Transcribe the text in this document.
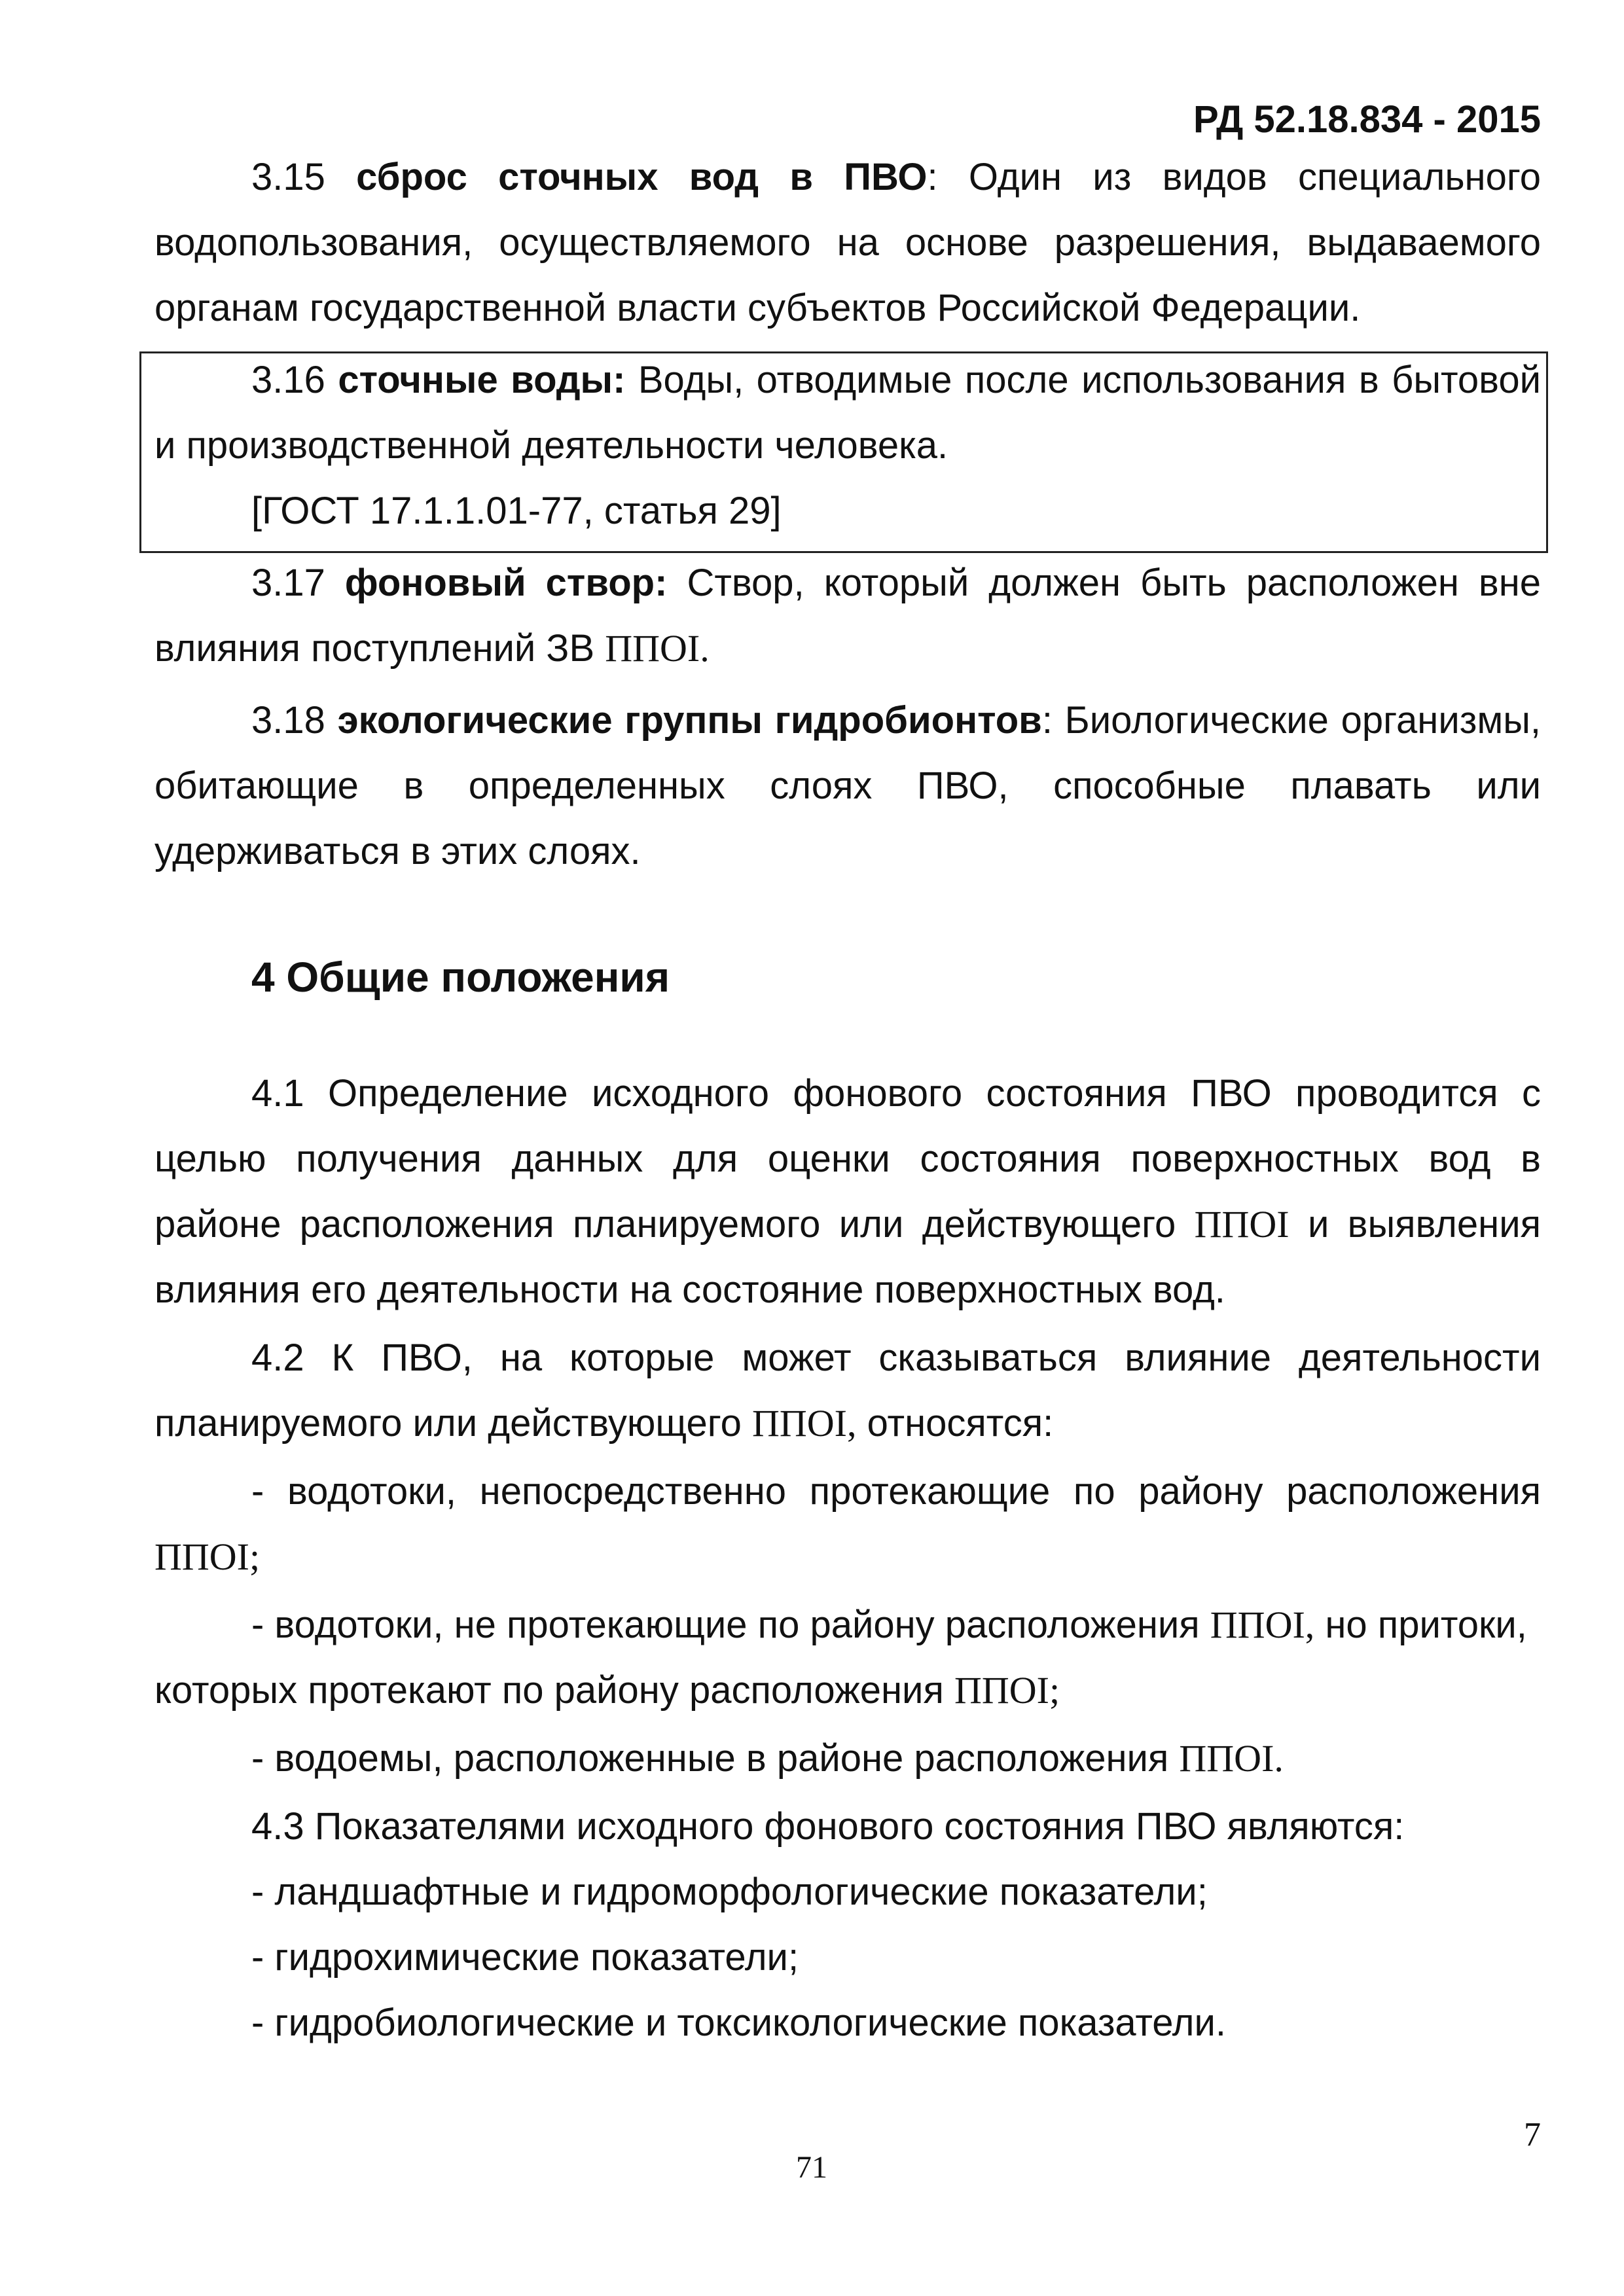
РД 52.18.834 - 2015
3.15 сброс сточных вод в ПВО: Один из видов специального
водопользования, осуществляемого на основе разрешения, выдаваемого
органам государственной власти субъектов Российской Федерации.
3.16 сточные воды: Воды, отводимые после использования в бытовой
и производственной деятельности человека.
[ГОСТ 17.1.1.01-77, статья 29]
3.17 фоновый створ: Створ, который должен быть расположен вне
влияния поступлений ЗВ ППОI.
3.18 экологические группы гидробионтов: Биологические организмы,
обитающие в определенных слоях ПВО, способные плавать или
удерживаться в этих слоях.
4 Общие положения
4.1 Определение исходного фонового состояния ПВО проводится с
целью получения данных для оценки состояния поверхностных вод в
районе расположения планируемого или действующего ППОI и выявления
влияния его деятельности на состояние поверхностных вод.
4.2 К ПВО, на которые может сказываться влияние деятельности
планируемого или действующего ППОI, относятся:
- водотоки, непосредственно протекающие по району расположения
ППОI;
- водотоки, не протекающие по району расположения ППОI, но притоки,
которых протекают по району расположения ППОI;
- водоемы, расположенные в районе расположения ППОI.
4.3 Показателями исходного фонового состояния ПВО являются:
- ландшафтные и гидроморфологические показатели;
- гидрохимические показатели;
- гидробиологические и токсикологические показатели.
7
71
